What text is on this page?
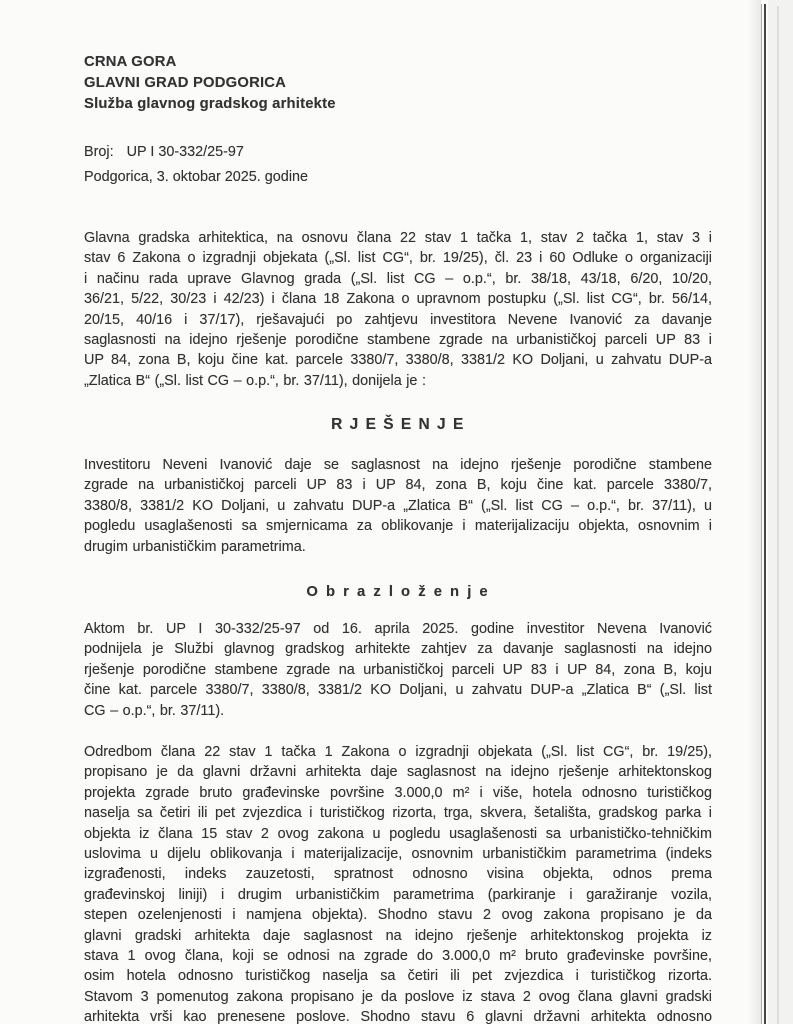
CRNA GORA
GLAVNI GRAD PODGORICA
Služba glavnog gradskog arhitekte
Broj: UP I 30-332/25-97
Podgorica, 3. oktobar 2025. godine
Glavna gradska arhitektica, na osnovu člana 22 stav 1 tačka 1, stav 2 tačka 1, stav 3 i
stav 6 Zakona o izgradnji objekata („Sl. list CG“, br. 19/25), čl. 23 i 60 Odluke o organizaciji
i načinu rada uprave Glavnog grada („Sl. list CG – o.p.“, br. 38/18, 43/18, 6/20, 10/20,
36/21, 5/22, 30/23 i 42/23) i člana 18 Zakona o upravnom postupku („Sl. list CG“, br. 56/14,
20/15, 40/16 i 37/17), rješavajući po zahtjevu investitora Nevene Ivanović za davanje
saglasnosti na idejno rješenje porodične stambene zgrade na urbanističkoj parceli UP 83 i
UP 84, zona B, koju čine kat. parcele 3380/7, 3380/8, 3381/2 KO Doljani, u zahvatu DUP-a
„Zlatica B“ („Sl. list CG – o.p.“, br. 37/11), donijela je :
R J E Š E N J E
Investitoru Neveni Ivanović daje se saglasnost na idejno rješenje porodične stambene
zgrade na urbanističkoj parceli UP 83 i UP 84, zona B, koju čine kat. parcele 3380/7,
3380/8, 3381/2 KO Doljani, u zahvatu DUP-a „Zlatica B“ („Sl. list CG – o.p.“, br. 37/11), u
pogledu usaglašenosti sa smjernicama za oblikovanje i materijalizaciju objekta, osnovnim i
drugim urbanističkim parametrima.
O b r a z l o ž e n j e
Aktom br. UP I 30-332/25-97 od 16. aprila 2025. godine investitor Nevena Ivanović
podnijela je Službi glavnog gradskog arhitekte zahtjev za davanje saglasnosti na idejno
rješenje porodične stambene zgrade na urbanističkoj parceli UP 83 i UP 84, zona B, koju
čine kat. parcele 3380/7, 3380/8, 3381/2 KO Doljani, u zahvatu DUP-a „Zlatica B“ („Sl. list
CG – o.p.“, br. 37/11).
Odredbom člana 22 stav 1 tačka 1 Zakona o izgradnji objekata („Sl. list CG“, br. 19/25),
propisano je da glavni državni arhitekta daje saglasnost na idejno rješenje arhitektonskog
projekta zgrade bruto građevinske površine 3.000,0 m² i više, hotela odnosno turističkog
naselja sa četiri ili pet zvjezdica i turističkog rizorta, trga, skvera, šetališta, gradskog parka i
objekta iz člana 15 stav 2 ovog zakona u pogledu usaglašenosti sa urbanističko-tehničkim
uslovima u dijelu oblikovanja i materijalizacije, osnovnim urbanističkim parametrima (indeks
izgrađenosti, indeks zauzetosti, spratnost odnosno visina objekta, odnos prema
građevinskoj liniji) i drugim urbanističkim parametrima (parkiranje i garažiranje vozila,
stepen ozelenjenosti i namjena objekta). Shodno stavu 2 ovog zakona propisano je da
glavni gradski arhitekta daje saglasnost na idejno rješenje arhitektonskog projekta iz
stava 1 ovog člana, koji se odnosi na zgrade do 3.000,0 m² bruto građevinske površine,
osim hotela odnosno turističkog naselja sa četiri ili pet zvjezdica i turističkog rizorta.
Stavom 3 pomenutog zakona propisano je da poslove iz stava 2 ovog člana glavni gradski
arhitekta vrši kao prenesene poslove. Shodno stavu 6 glavni državni arhitekta odnosno
